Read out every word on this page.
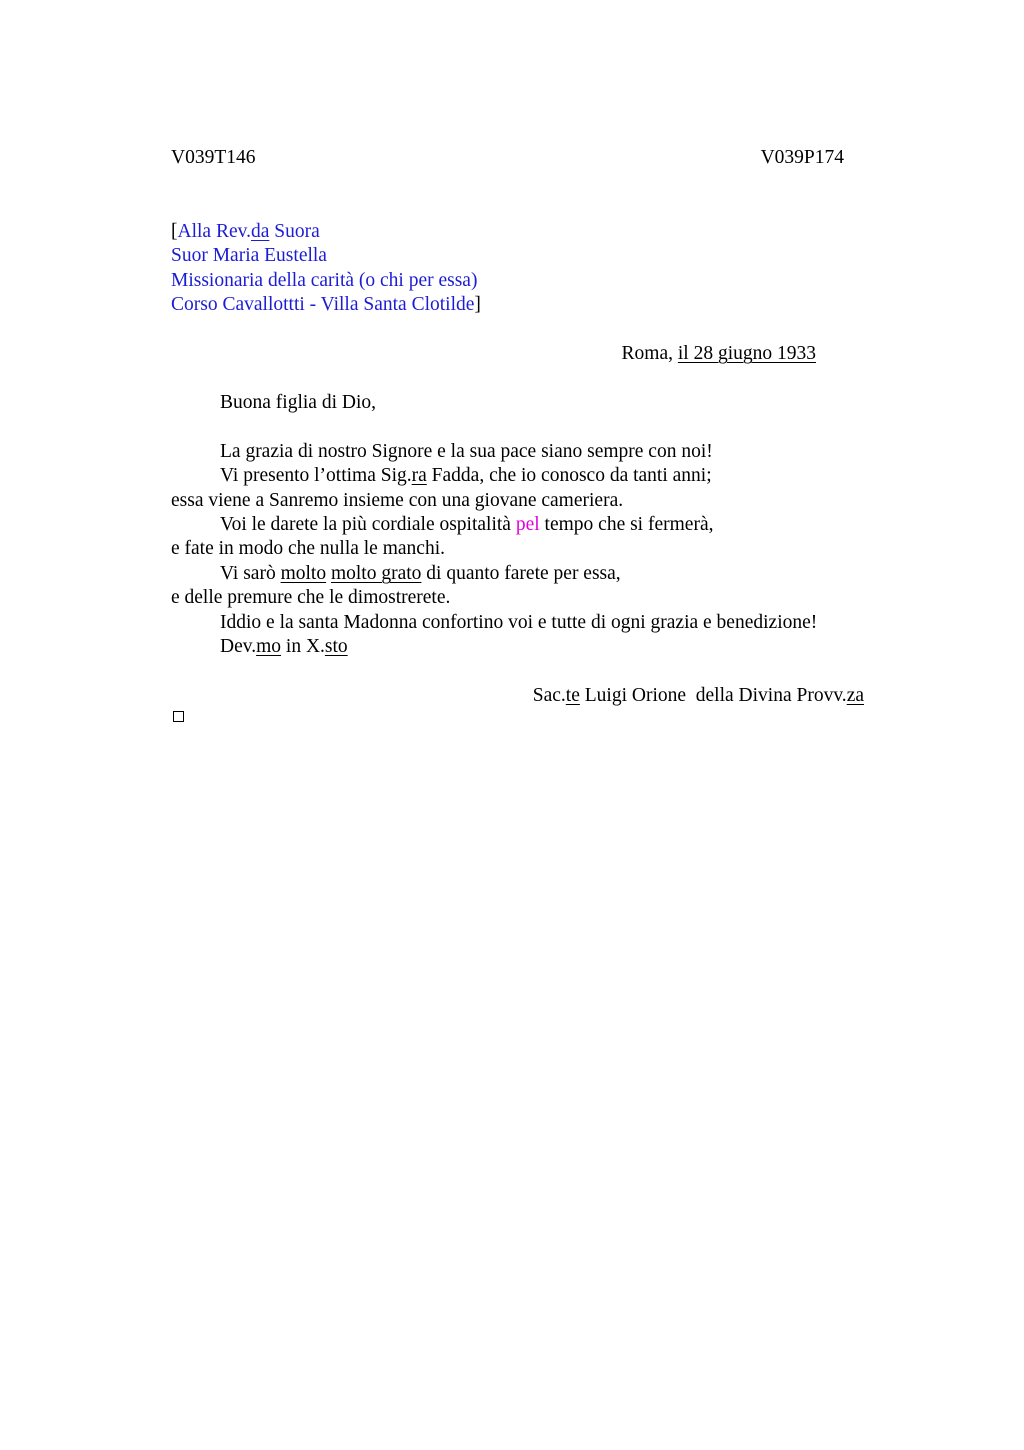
V039T146	V039P174
[Alla Rev.da Suora
Suor Maria Eustella
Missionaria della carità (o chi per essa)
Corso Cavallottti - Villa Santa Clotilde]
Roma, il 28 giugno 1933
Buona figlia di Dio,
La grazia di nostro Signore e la sua pace siano sempre con noi!
Vi presento l’ottima Sig.ra Fadda, che io conosco da tanti anni;
essa viene a Sanremo insieme con una giovane cameriera.
Voi le darete la più cordiale ospitalità pel tempo che si fermerà,
e fate in modo che nulla le manchi.
Vi sarò molto molto grato di quanto farete per essa,
e delle premure che le dimostrerete.
Iddio e la santa Madonna confortino voi e tutte di ogni grazia e benedizione!
Dev.mo in X.sto
Sac.te Luigi Orione  della Divina Provv.za
